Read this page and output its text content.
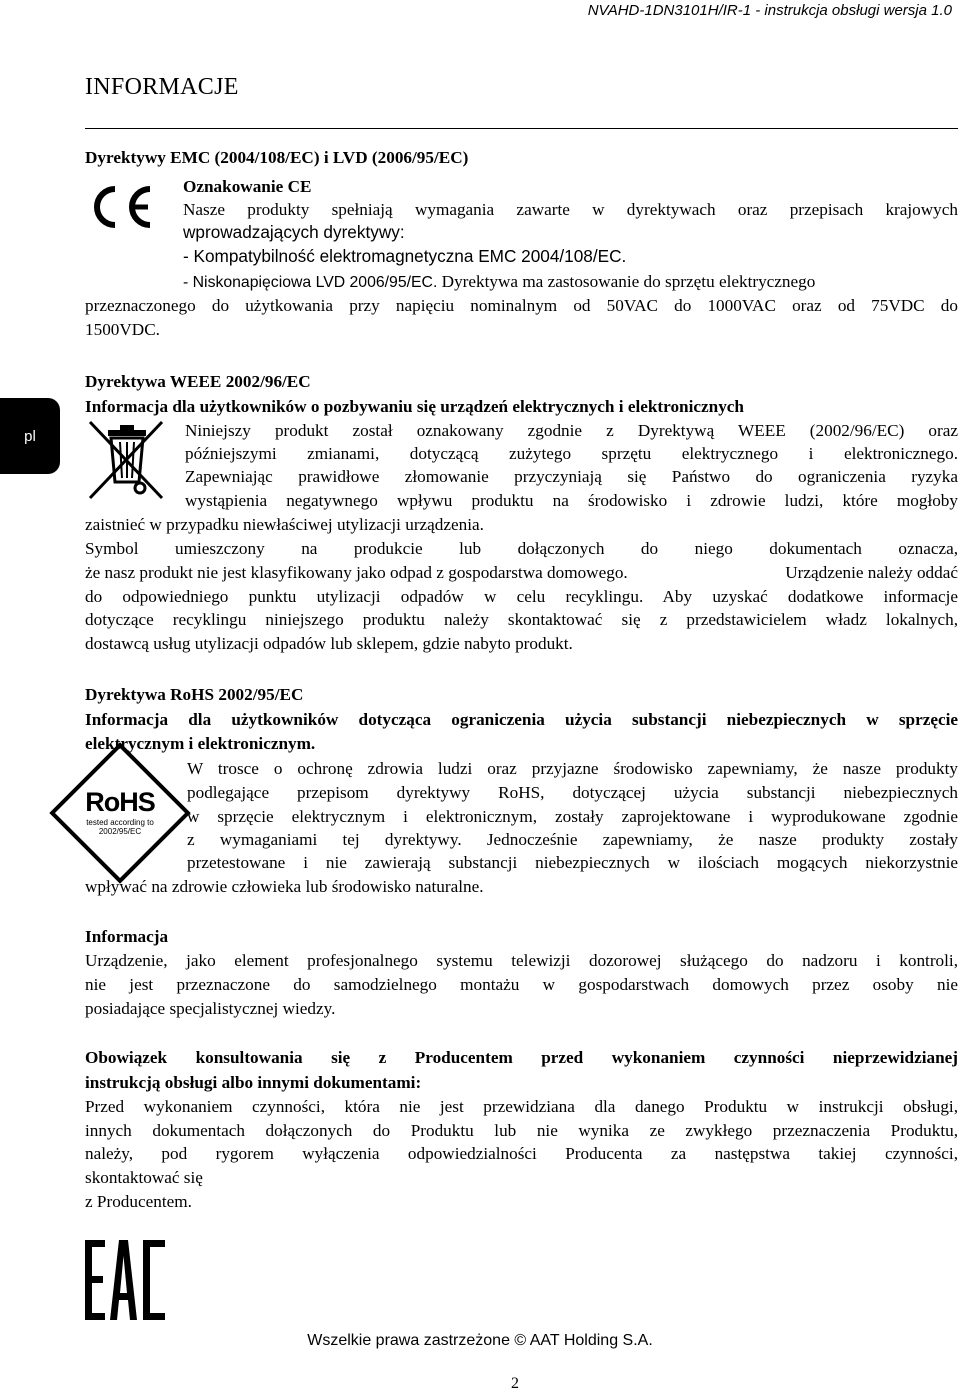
NVAHD-1DN3101H/IR-1 - instrukcja obsługi wersja 1.0
INFORMACJE
pl
Dyrektywy EMC (2004/108/EC) i LVD (2006/95/EC)
Oznakowanie CE
Nasze produkty spełniają wymagania zawarte w dyrektywach oraz przepisach krajowych
wprowadzających dyrektywy:
- Kompatybilność elektromagnetyczna EMC 2004/108/EC.
- Niskonapięciowa LVD 2006/95/EC. Dyrektywa ma zastosowanie do sprzętu elektrycznego
przeznaczonego do użytkowania przy napięciu nominalnym od 50VAC do 1000VAC oraz od 75VDC do
1500VDC.
Dyrektywa WEEE 2002/96/EC
Informacja dla użytkowników o pozbywaniu się urządzeń elektrycznych i elektronicznych
Niniejszy produkt został oznakowany zgodnie z Dyrektywą WEEE (2002/96/EC) oraz
późniejszymi zmianami, dotyczącą zużytego sprzętu elektrycznego i elektronicznego.
Zapewniając prawidłowe złomowanie przyczyniają się Państwo do ograniczenia ryzyka
wystąpienia negatywnego wpływu produktu na środowisko i zdrowie ludzi, które mogłoby
zaistnieć w przypadku niewłaściwej utylizacji urządzenia.
Symbol umieszczony na produkcie lub dołączonych do niego dokumentach oznacza,
że nasz produkt nie jest klasyfikowany jako odpad z gospodarstwa domowego.	Urządzenie należy oddać
do odpowiedniego punktu utylizacji odpadów w celu recyklingu. Aby uzyskać dodatkowe informacje
dotyczące recyklingu niniejszego produktu należy skontaktować się z przedstawicielem władz lokalnych,
dostawcą usług utylizacji odpadów lub sklepem, gdzie nabyto produkt.
Dyrektywa RoHS 2002/95/EC
Informacja dla użytkowników dotycząca ograniczenia użycia substancji niebezpiecznych w sprzęcie
elektrycznym i elektronicznym.
RoHS
tested according to
2002/95/EC
W trosce o ochronę zdrowia ludzi oraz przyjazne środowisko zapewniamy, że nasze produkty
podlegające przepisom dyrektywy RoHS, dotyczącej użycia substancji niebezpiecznych
w sprzęcie elektrycznym i elektronicznym, zostały zaprojektowane i wyprodukowane zgodnie
z wymaganiami tej dyrektywy. Jednocześnie zapewniamy, że nasze produkty zostały
przetestowane i nie zawierają substancji niebezpiecznych w ilościach mogących niekorzystnie
wpływać na zdrowie człowieka lub środowisko naturalne.
Informacja
Urządzenie, jako element profesjonalnego systemu telewizji dozorowej służącego do nadzoru i kontroli,
nie jest przeznaczone do samodzielnego montażu w gospodarstwach domowych przez osoby nie
posiadające specjalistycznej wiedzy.
Obowiązek konsultowania się z Producentem przed wykonaniem czynności nieprzewidzianej
instrukcją obsługi albo innymi dokumentami:
Przed wykonaniem czynności, która nie jest przewidziana dla danego Produktu w instrukcji obsługi,
innych dokumentach dołączonych do Produktu lub nie wynika ze zwykłego przeznaczenia Produktu,
należy, pod rygorem wyłączenia odpowiedzialności Producenta za następstwa takiej czynności,
skontaktować się
z Producentem.
Wszelkie prawa zastrzeżone © AAT Holding S.A.
2
